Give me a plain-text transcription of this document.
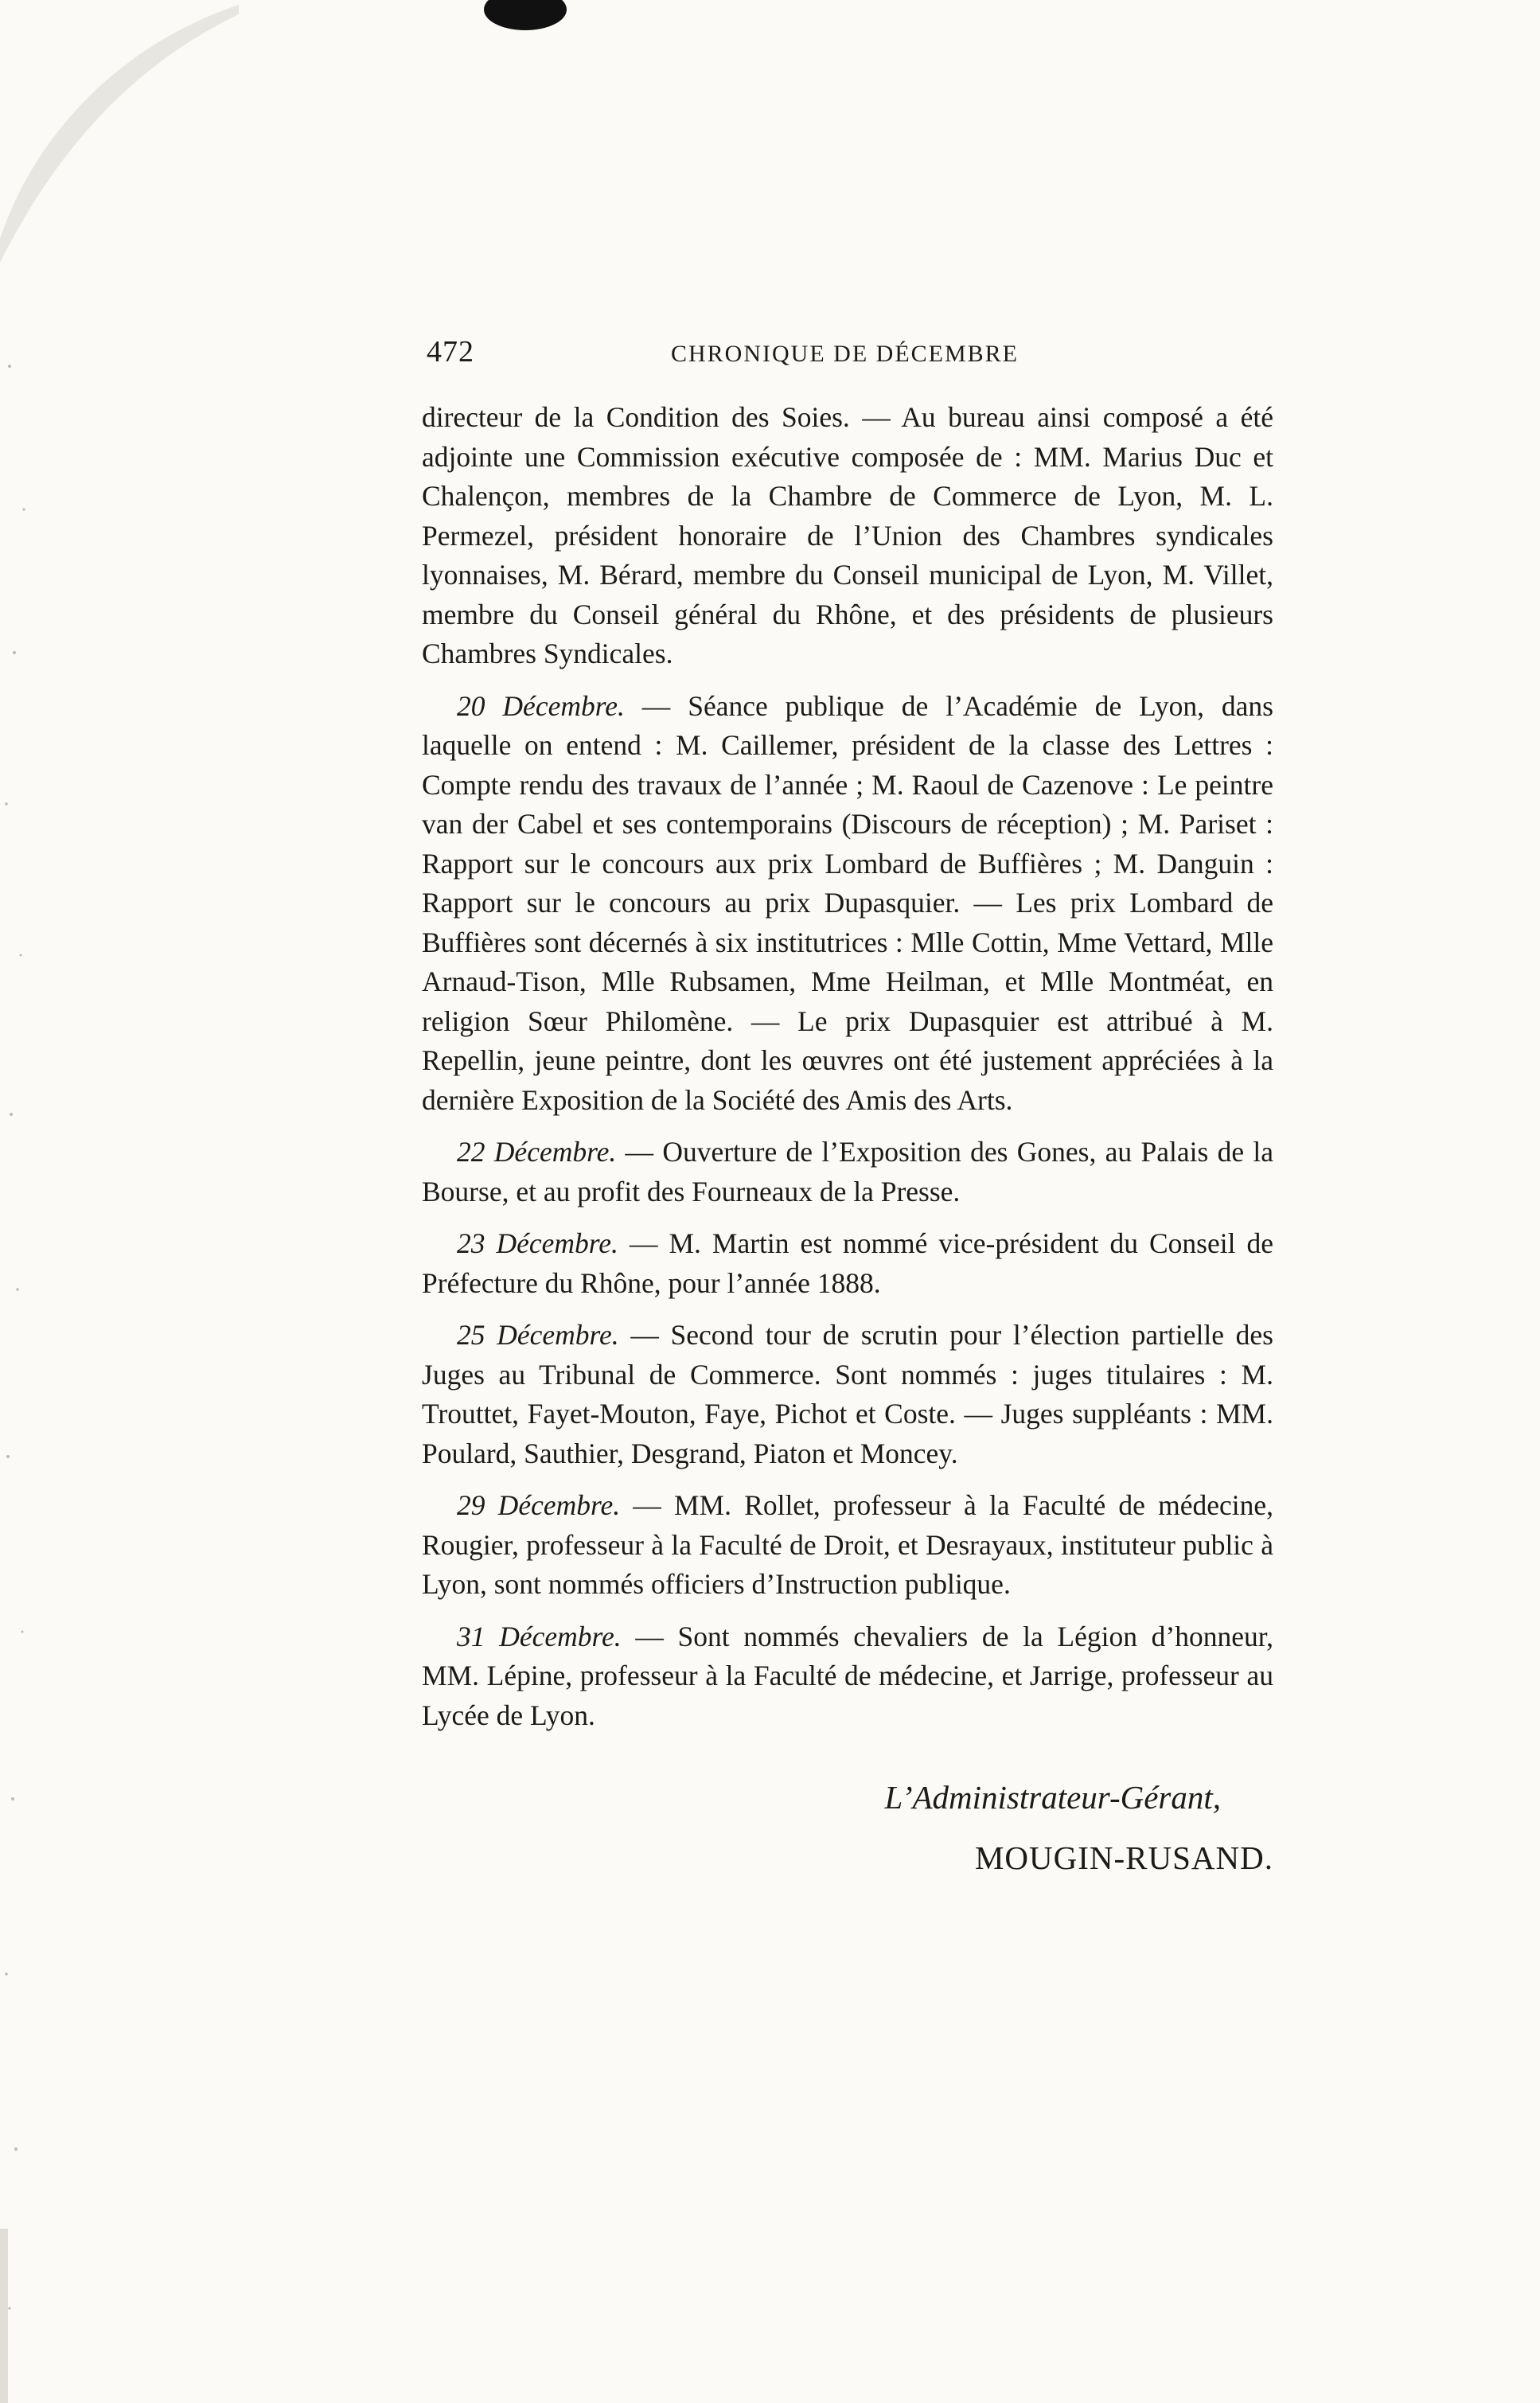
472	CHRONIQUE DE DÉCEMBRE

directeur de la Condition des Soies. — Au bureau ainsi composé a été adjointe une Commission exécutive composée de : MM. Marius Duc et Chalençon, membres de la Chambre de Commerce de Lyon, M. L. Permezel, président honoraire de l’Union des Chambres syndicales lyonnaises, M. Bérard, membre du Conseil municipal de Lyon, M. Villet, membre du Conseil général du Rhône, et des présidents de plusieurs Chambres Syndicales.

20 Décembre. — Séance publique de l’Académie de Lyon, dans laquelle on entend : M. Caillemer, président de la classe des Lettres : Compte rendu des travaux de l’année ; M. Raoul de Cazenove : Le peintre van der Cabel et ses contemporains (Discours de réception) ; M. Pariset : Rapport sur le concours aux prix Lombard de Buffières ; M. Danguin : Rapport sur le concours au prix Dupasquier. — Les prix Lombard de Buffières sont décernés à six institutrices : Mlle Cottin, Mme Vettard, Mlle Arnaud-Tison, Mlle Rubsamen, Mme Heilman, et Mlle Montméat, en religion Sœur Philomène. — Le prix Dupasquier est attribué à M. Repellin, jeune peintre, dont les œuvres ont été justement appréciées à la dernière Exposition de la Société des Amis des Arts.

22 Décembre. — Ouverture de l’Exposition des Gones, au Palais de la Bourse, et au profit des Fourneaux de la Presse.

23 Décembre. — M. Martin est nommé vice-président du Conseil de Préfecture du Rhône, pour l’année 1888.

25 Décembre. — Second tour de scrutin pour l’élection partielle des Juges au Tribunal de Commerce. Sont nommés : juges titulaires : M. Trouttet, Fayet-Mouton, Faye, Pichot et Coste. — Juges suppléants : MM. Poulard, Sauthier, Desgrand, Piaton et Moncey.

29 Décembre. — MM. Rollet, professeur à la Faculté de médecine, Rougier, professeur à la Faculté de Droit, et Desrayaux, instituteur public à Lyon, sont nommés officiers d’Instruction publique.

31 Décembre. — Sont nommés chevaliers de la Légion d’honneur, MM. Lépine, professeur à la Faculté de médecine, et Jarrige, professeur au Lycée de Lyon.

L’Administrateur-Gérant,
MOUGIN-RUSAND.
